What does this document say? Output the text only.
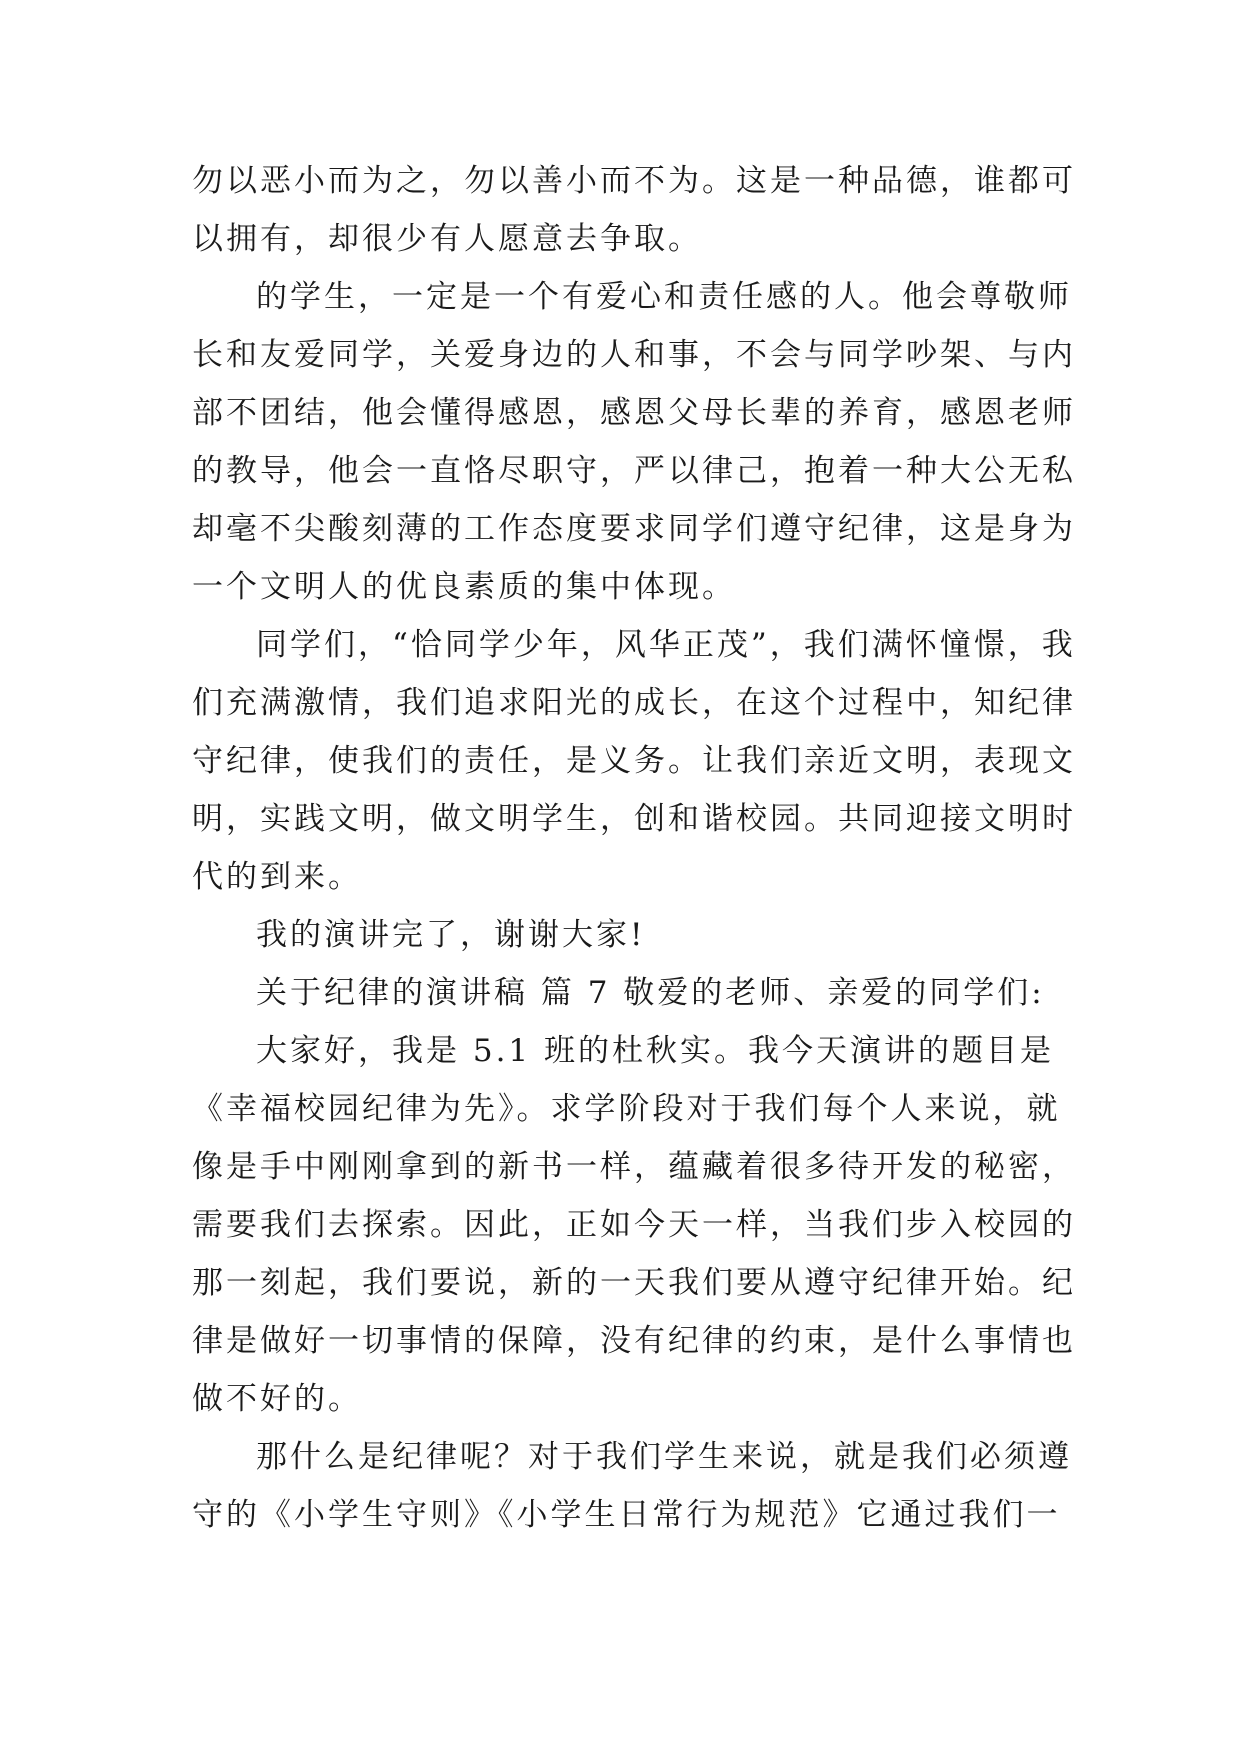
勿以恶小而为之，勿以善小而不为。这是一种品德，谁都可
以拥有，却很少有人愿意去争取。
的学生，一定是一个有爱心和责任感的人。他会尊敬师
长和友爱同学，关爱身边的人和事，不会与同学吵架、与内
部不团结，他会懂得感恩，感恩父母长辈的养育，感恩老师
的教导，他会一直恪尽职守，严以律己，抱着一种大公无私
却毫不尖酸刻薄的工作态度要求同学们遵守纪律，这是身为
一个文明人的优良素质的集中体现。
同学们，“恰同学少年，风华正茂”，我们满怀憧憬，我
们充满激情，我们追求阳光的成长，在这个过程中，知纪律
守纪律，使我们的责任，是义务。让我们亲近文明，表现文
明，实践文明，做文明学生，创和谐校园。共同迎接文明时
代的到来。
我的演讲完了，谢谢大家!
关于纪律的演讲稿 篇 7 敬爱的老师、亲爱的同学们:
大家好，我是 5.1 班的杜秋实。我今天演讲的题目是
《幸福校园纪律为先》。求学阶段对于我们每个人来说，就
像是手中刚刚拿到的新书一样，蕴藏着很多待开发的秘密，
需要我们去探索。因此，正如今天一样，当我们步入校园的
那一刻起，我们要说，新的一天我们要从遵守纪律开始。纪
律是做好一切事情的保障，没有纪律的约束，是什么事情也
做不好的。
那什么是纪律呢？对于我们学生来说，就是我们必须遵
守的《小学生守则》《小学生日常行为规范》它通过我们一
